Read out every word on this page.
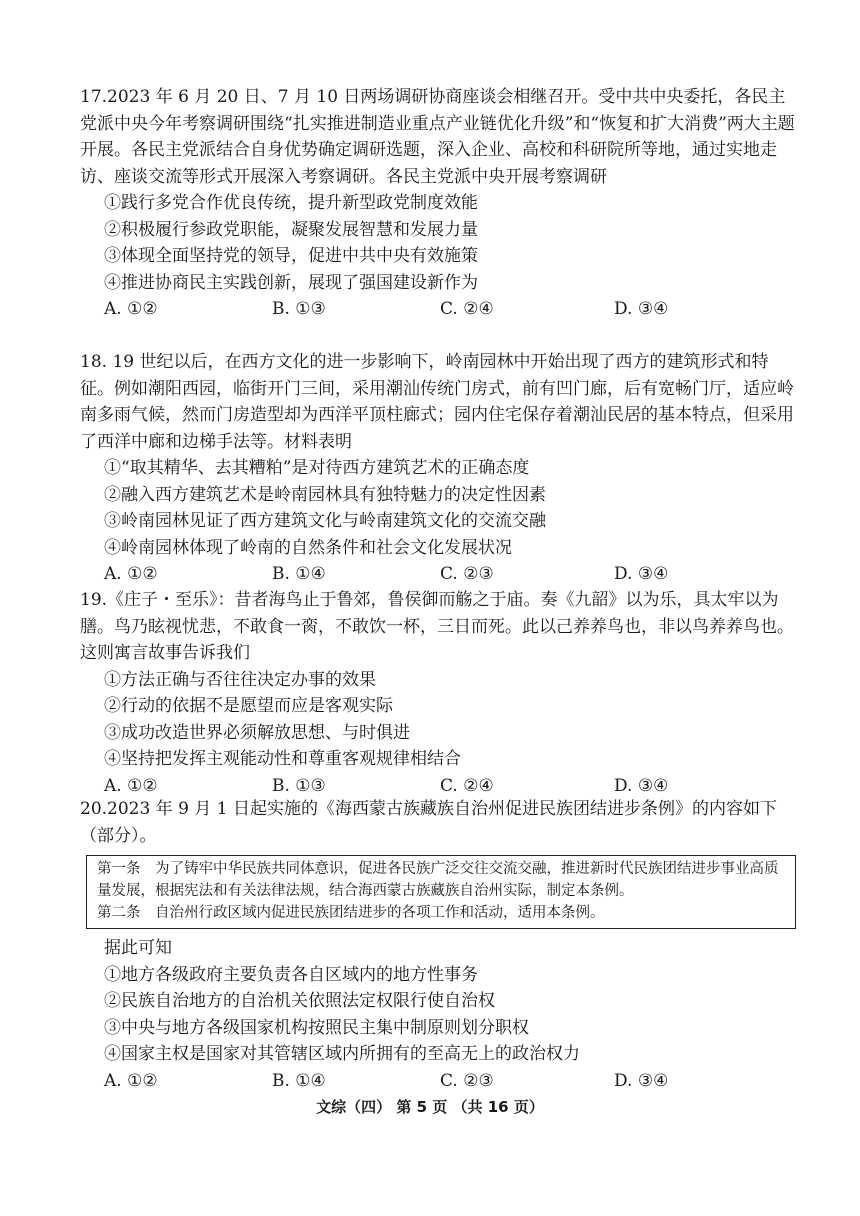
17.2023 年 6 月 20 日、7 月 10 日两场调研协商座谈会相继召开。受中共中央委托，各民主党派中央今年考察调研围绕“扎实推进制造业重点产业链优化升级”和“恢复和扩大消费”两大主题开展。各民主党派结合自身优势确定调研选题，深入企业、高校和科研院所等地，通过实地走访、座谈交流等形式开展深入考察调研。各民主党派中央开展考察调研

①践行多党合作优良传统，提升新型政党制度效能

②积极履行参政党职能，凝聚发展智慧和发展力量

③体现全面坚持党的领导，促进中共中央有效施策

④推进协商民主实践创新，展现了强国建设新作为

A. ①②	B. ①③	C. ②④	D. ③④

18. 19 世纪以后，在西方文化的进一步影响下，岭南园林中开始出现了西方的建筑形式和特征。例如潮阳西园，临街开门三间，采用潮汕传统门房式，前有凹门廊，后有宽畅门厅，适应岭南多雨气候，然而门房造型却为西洋平顶柱廊式；园内住宅保存着潮汕民居的基本特点，但采用了西洋中廊和边梯手法等。材料表明

①“取其精华、去其糟粕”是对待西方建筑艺术的正确态度

②融入西方建筑艺术是岭南园林具有独特魅力的决定性因素

③岭南园林见证了西方建筑文化与岭南建筑文化的交流交融

④岭南园林体现了岭南的自然条件和社会文化发展状况

A. ①②	B. ①④	C. ②③	D. ③④

19.《庄子・至乐》：昔者海鸟止于鲁郊，鲁侯御而觞之于庙。奏《九韶》以为乐，具太牢以为膳。鸟乃眩视忧悲，不敢食一脔，不敢饮一杯，三日而死。此以己养养鸟也，非以鸟养养鸟也。这则寓言故事告诉我们

①方法正确与否往往决定办事的效果

②行动的依据不是愿望而应是客观实际

③成功改造世界必须解放思想、与时俱进

④坚持把发挥主观能动性和尊重客观规律相结合

A. ①②	B. ①③	C. ②④	D. ③④

20.2023 年 9 月 1 日起实施的《海西蒙古族藏族自治州促进民族团结进步条例》的内容如下（部分）。

第一条　为了铸牢中华民族共同体意识，促进各民族广泛交往交流交融，推进新时代民族团结进步事业高质量发展，根据宪法和有关法律法规，结合海西蒙古族藏族自治州实际，制定本条例。
第二条　自治州行政区域内促进民族团结进步的各项工作和活动，适用本条例。

据此可知

①地方各级政府主要负责各自区域内的地方性事务

②民族自治地方的自治机关依照法定权限行使自治权

③中央与地方各级国家机构按照民主集中制原则划分职权

④国家主权是国家对其管辖区域内所拥有的至高无上的政治权力

A. ①②	B. ①④	C. ②③	D. ③④
文综（四） 第 5 页 （共 16 页）
